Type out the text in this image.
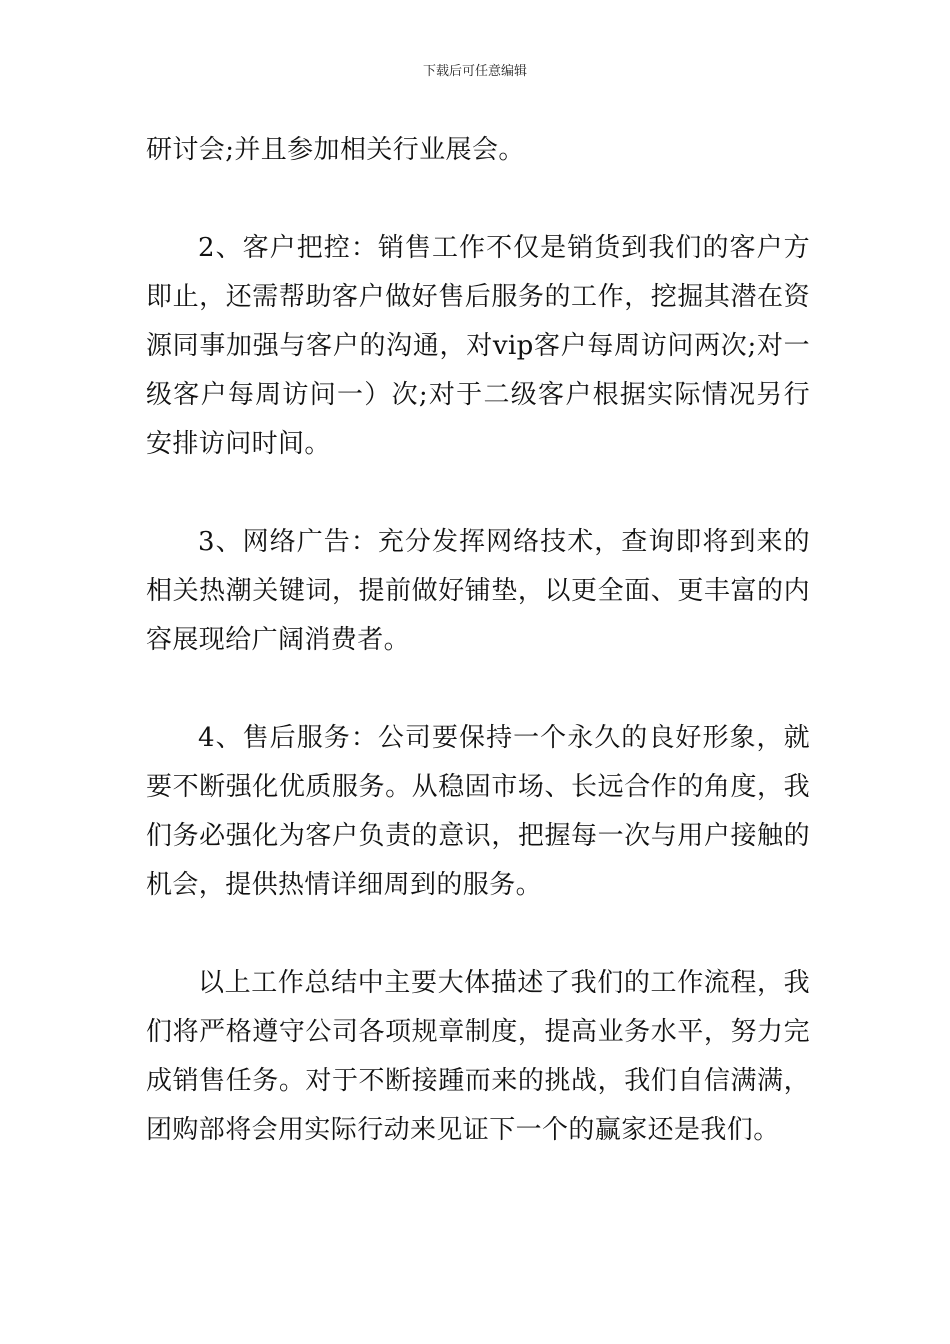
下载后可任意编辑

研讨会;并且参加相关行业展会。

2、客户把控：销售工作不仅是销货到我们的客户方即止，还需帮助客户做好售后服务的工作，挖掘其潜在资源同事加强与客户的沟通，对vip客户每周访问两次;对一级客户每周访问一）次;对于二级客户根据实际情况另行安排访问时间。

3、网络广告：充分发挥网络技术，查询即将到来的相关热潮关键词，提前做好铺垫，以更全面、更丰富的内容展现给广阔消费者。

4、售后服务：公司要保持一个永久的良好形象，就要不断强化优质服务。从稳固市场、长远合作的角度，我们务必强化为客户负责的意识，把握每一次与用户接触的机会，提供热情详细周到的服务。

以上工作总结中主要大体描述了我们的工作流程，我们将严格遵守公司各项规章制度，提高业务水平，努力完成销售任务。对于不断接踵而来的挑战，我们自信满满，团购部将会用实际行动来见证下一个的赢家还是我们。
